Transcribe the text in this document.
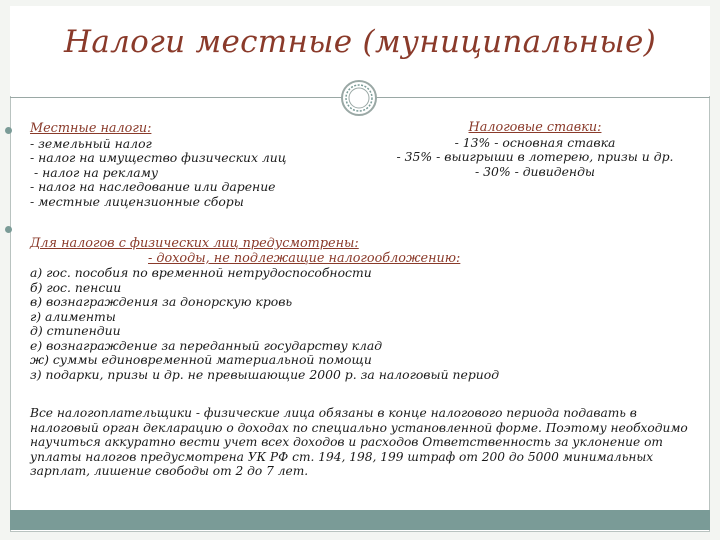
Налоги местные (муниципальные)
Местные налоги:
- земельный налог
- налог на имущество физических лиц
- налог на рекламу
- налог на наследование или дарение
- местные лицензионные сборы
Налоговые ставки:
- 13% - основная ставка
- 35% - выигрыши в лотерею, призы и др.
- 30% - дивиденды
Для налогов с физических лиц предусмотрены:
- доходы, не подлежащие налогообложению:
а) гос. пособия по временной нетрудоспособности
б) гос. пенсии
в) вознаграждения за донорскую кровь
г) алименты
д) стипендии
е) вознаграждение за переданный государству клад
ж) суммы единовременной материальной помощи
з) подарки, призы и др. не превышающие 2000 р. за налоговый период
Все налогоплательщики - физические лица обязаны в конце налогового периода подавать в
налоговый орган декларацию о доходах по специально установленной форме. Поэтому необходимо
научиться аккуратно вести учет всех доходов и расходов Ответственность за уклонение от
уплаты налогов предусмотрена УК РФ ст. 194, 198, 199 штраф от 200 до 5000 минимальных
зарплат, лишение свободы от 2 до 7 лет.
